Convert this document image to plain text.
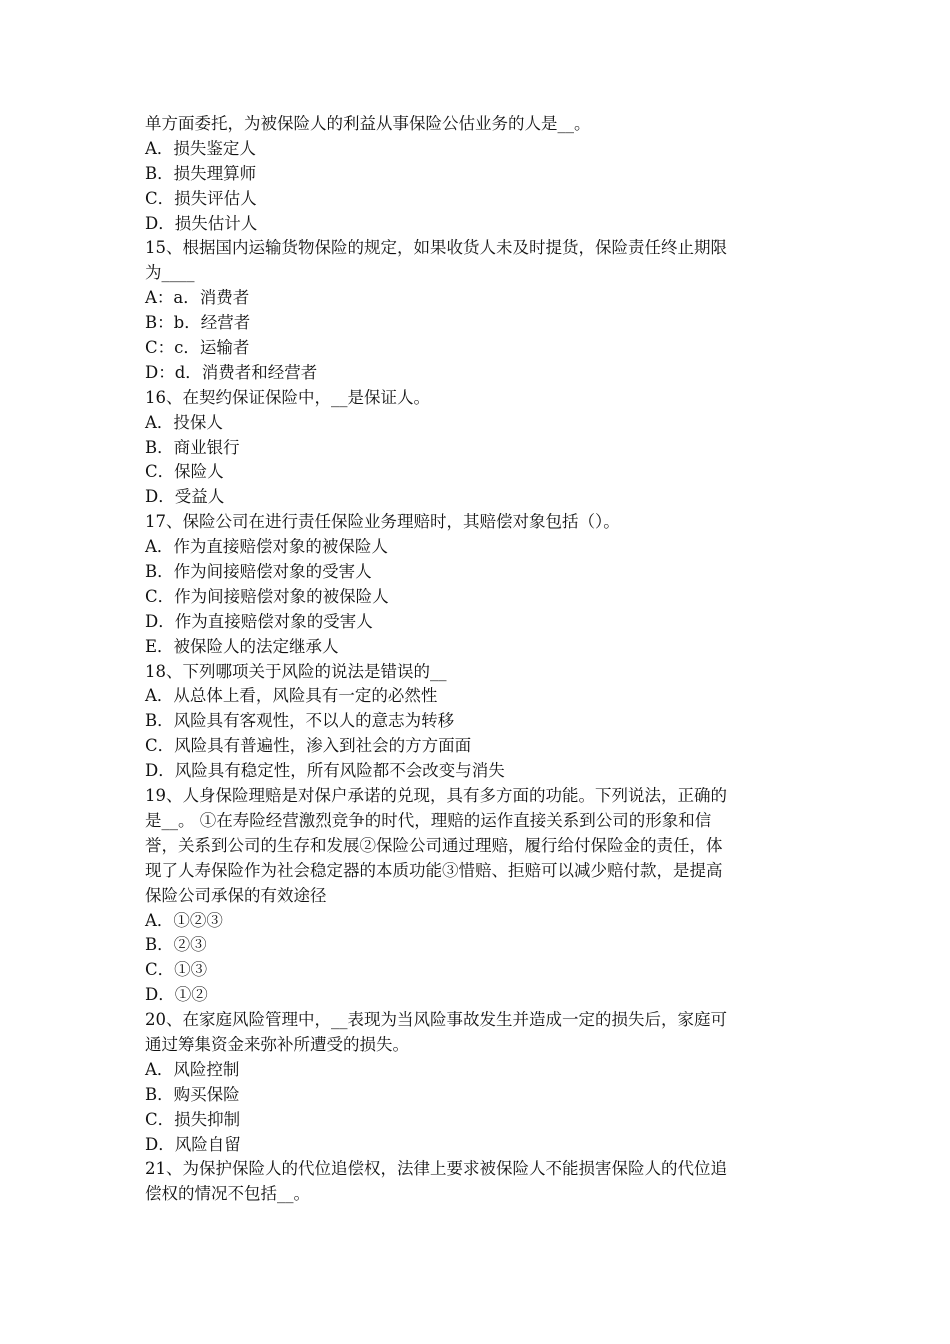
单方面委托，为被保险人的利益从事保险公估业务的人是__。
A．损失鉴定人
B．损失理算师
C．损失评估人
D．损失估计人
15、根据国内运输货物保险的规定，如果收货人未及时提货，保险责任终止期限
为____
A：a．消费者
B：b．经营者
C：c．运输者
D：d．消费者和经营者
16、在契约保证保险中，__是保证人。
A．投保人
B．商业银行
C．保险人
D．受益人
17、保险公司在进行责任保险业务理赔时，其赔偿对象包括（）。
A．作为直接赔偿对象的被保险人
B．作为间接赔偿对象的受害人
C．作为间接赔偿对象的被保险人
D．作为直接赔偿对象的受害人
E．被保险人的法定继承人
18、下列哪项关于风险的说法是错误的__
A．从总体上看，风险具有一定的必然性
B．风险具有客观性，不以人的意志为转移
C．风险具有普遍性，渗入到社会的方方面面
D．风险具有稳定性，所有风险都不会改变与消失
19、人身保险理赔是对保户承诺的兑现，具有多方面的功能。下列说法，正确的
是__。 ①在寿险经营激烈竞争的时代，理赔的运作直接关系到公司的形象和信
誉，关系到公司的生存和发展②保险公司通过理赔，履行给付保险金的责任，体
现了人寿保险作为社会稳定器的本质功能③惜赔、拒赔可以减少赔付款，是提高
保险公司承保的有效途径
A．①②③
B．②③
C．①③
D．①②
20、在家庭风险管理中，__表现为当风险事故发生并造成一定的损失后，家庭可
通过筹集资金来弥补所遭受的损失。
A．风险控制
B．购买保险
C．损失抑制
D．风险自留
21、为保护保险人的代位追偿权，法律上要求被保险人不能损害保险人的代位追
偿权的情况不包括__。
